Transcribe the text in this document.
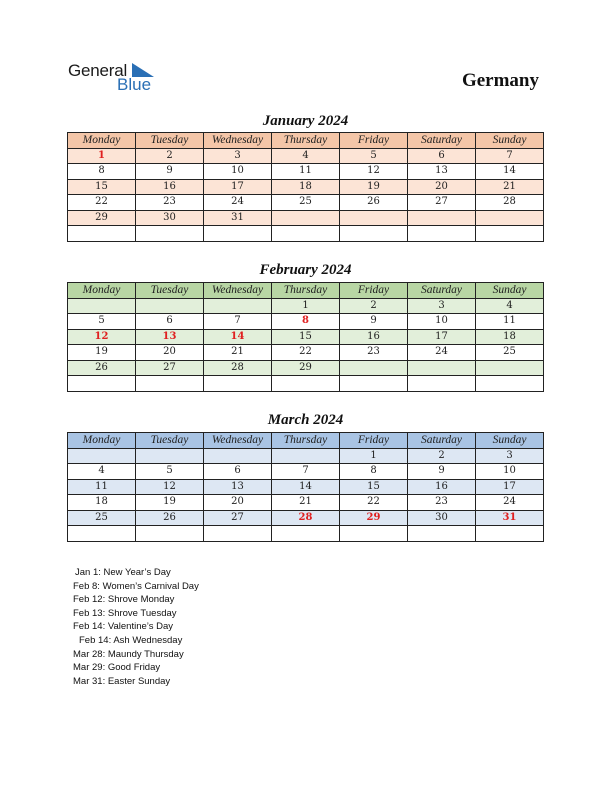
General
Blue	Germany
January 2024
Monday	Tuesday	Wednesday	Thursday	Friday	Saturday	Sunday
1	2	3	4	5	6	7
8	9	10	11	12	13	14
15	16	17	18	19	20	21
22	23	24	25	26	27	28
29	30	31				

February 2024
Monday	Tuesday	Wednesday	Thursday	Friday	Saturday	Sunday
			1	2	3	4
5	6	7	8	9	10	11
12	13	14	15	16	17	18
19	20	21	22	23	24	25
26	27	28	29			

March 2024
Monday	Tuesday	Wednesday	Thursday	Friday	Saturday	Sunday
				1	2	3
4	5	6	7	8	9	10
11	12	13	14	15	16	17
18	19	20	21	22	23	24
25	26	27	28	29	30	31

Jan 1: New Year’s Day
Feb 8: Women’s Carnival Day
Feb 12: Shrove Monday
Feb 13: Shrove Tuesday
Feb 14: Valentine’s Day
Feb 14: Ash Wednesday
Mar 28: Maundy Thursday
Mar 29: Good Friday
Mar 31: Easter Sunday
